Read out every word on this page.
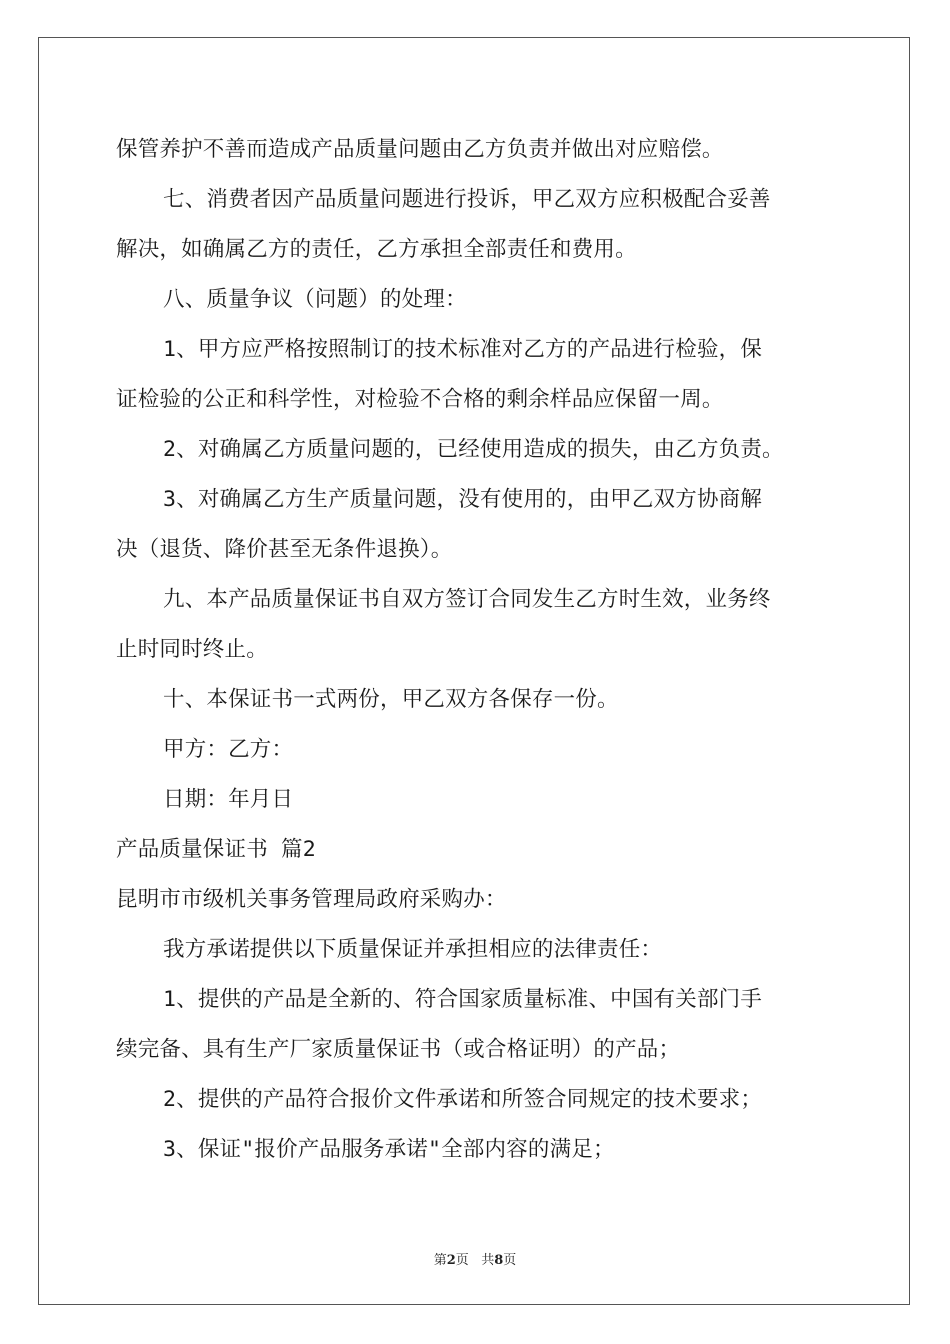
保管养护不善而造成产品质量问题由乙方负责并做出对应赔偿。
七、消费者因产品质量问题进行投诉，甲乙双方应积极配合妥善
解决，如确属乙方的责任，乙方承担全部责任和费用。
八、质量争议（问题）的处理：
1、甲方应严格按照制订的技术标准对乙方的产品进行检验，保
证检验的公正和科学性，对检验不合格的剩余样品应保留一周。
2、对确属乙方质量问题的，已经使用造成的损失，由乙方负责。
3、对确属乙方生产质量问题，没有使用的，由甲乙双方协商解
决（退货、降价甚至无条件退换）。
九、本产品质量保证书自双方签订合同发生乙方时生效，业务终
止时同时终止。
十、本保证书一式两份，甲乙双方各保存一份。
甲方：乙方：
日期：年月日
产品质量保证书 篇2
昆明市市级机关事务管理局政府采购办：
我方承诺提供以下质量保证并承担相应的法律责任：
1、提供的产品是全新的、符合国家质量标准、中国有关部门手
续完备、具有生产厂家质量保证书（或合格证明）的产品；
2、提供的产品符合报价文件承诺和所签合同规定的技术要求；
3、保证"报价产品服务承诺"全部内容的满足；
第2页 共8页
